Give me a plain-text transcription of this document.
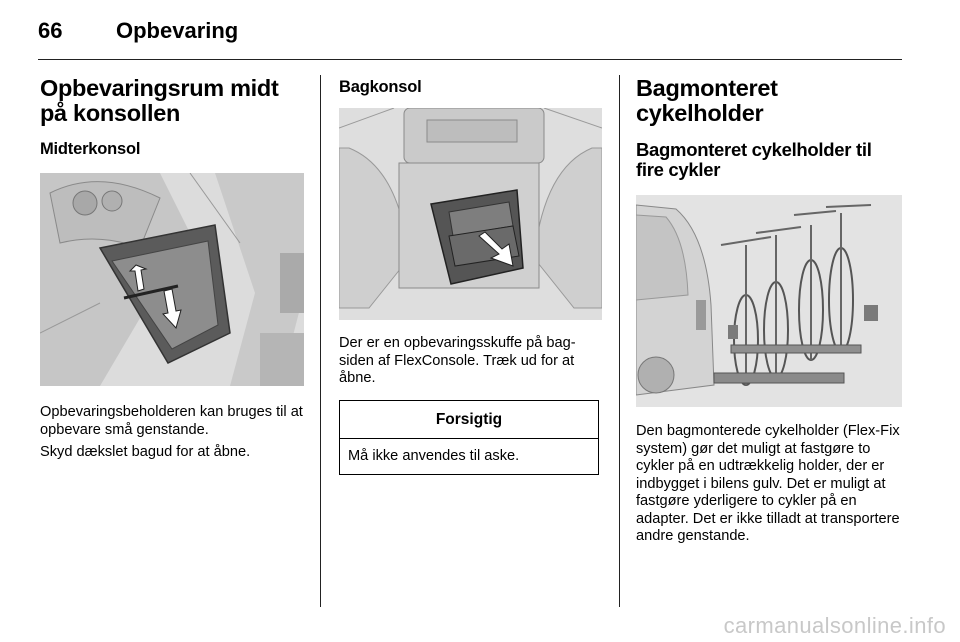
66 Opbevaring
Opbevaringsrum midt på konsollen
Midterkonsol

Opbevaringsbeholderen kan bruges til at opbevare små genstande.

Skyd dækslet bagud for at åbne.

Bagkonsol

Der er en opbevaringsskuffe på bag-siden af FlexConsole. Træk ud for at åbne.

Forsigtig
Må ikke anvendes til aske.
Bagmonteret cykelholder
Bagmonteret cykelholder til fire cykler

Den bagmonterede cykelholder (Flex-Fix system) gør det muligt at fastgøre to cykler på en udtrækkelig holder, der er indbygget i bilens gulv. Det er muligt at fastgøre yderligere to cykler på en adapter. Det er ikke tilladt at transportere andre genstande.

carmanualsonline.info
